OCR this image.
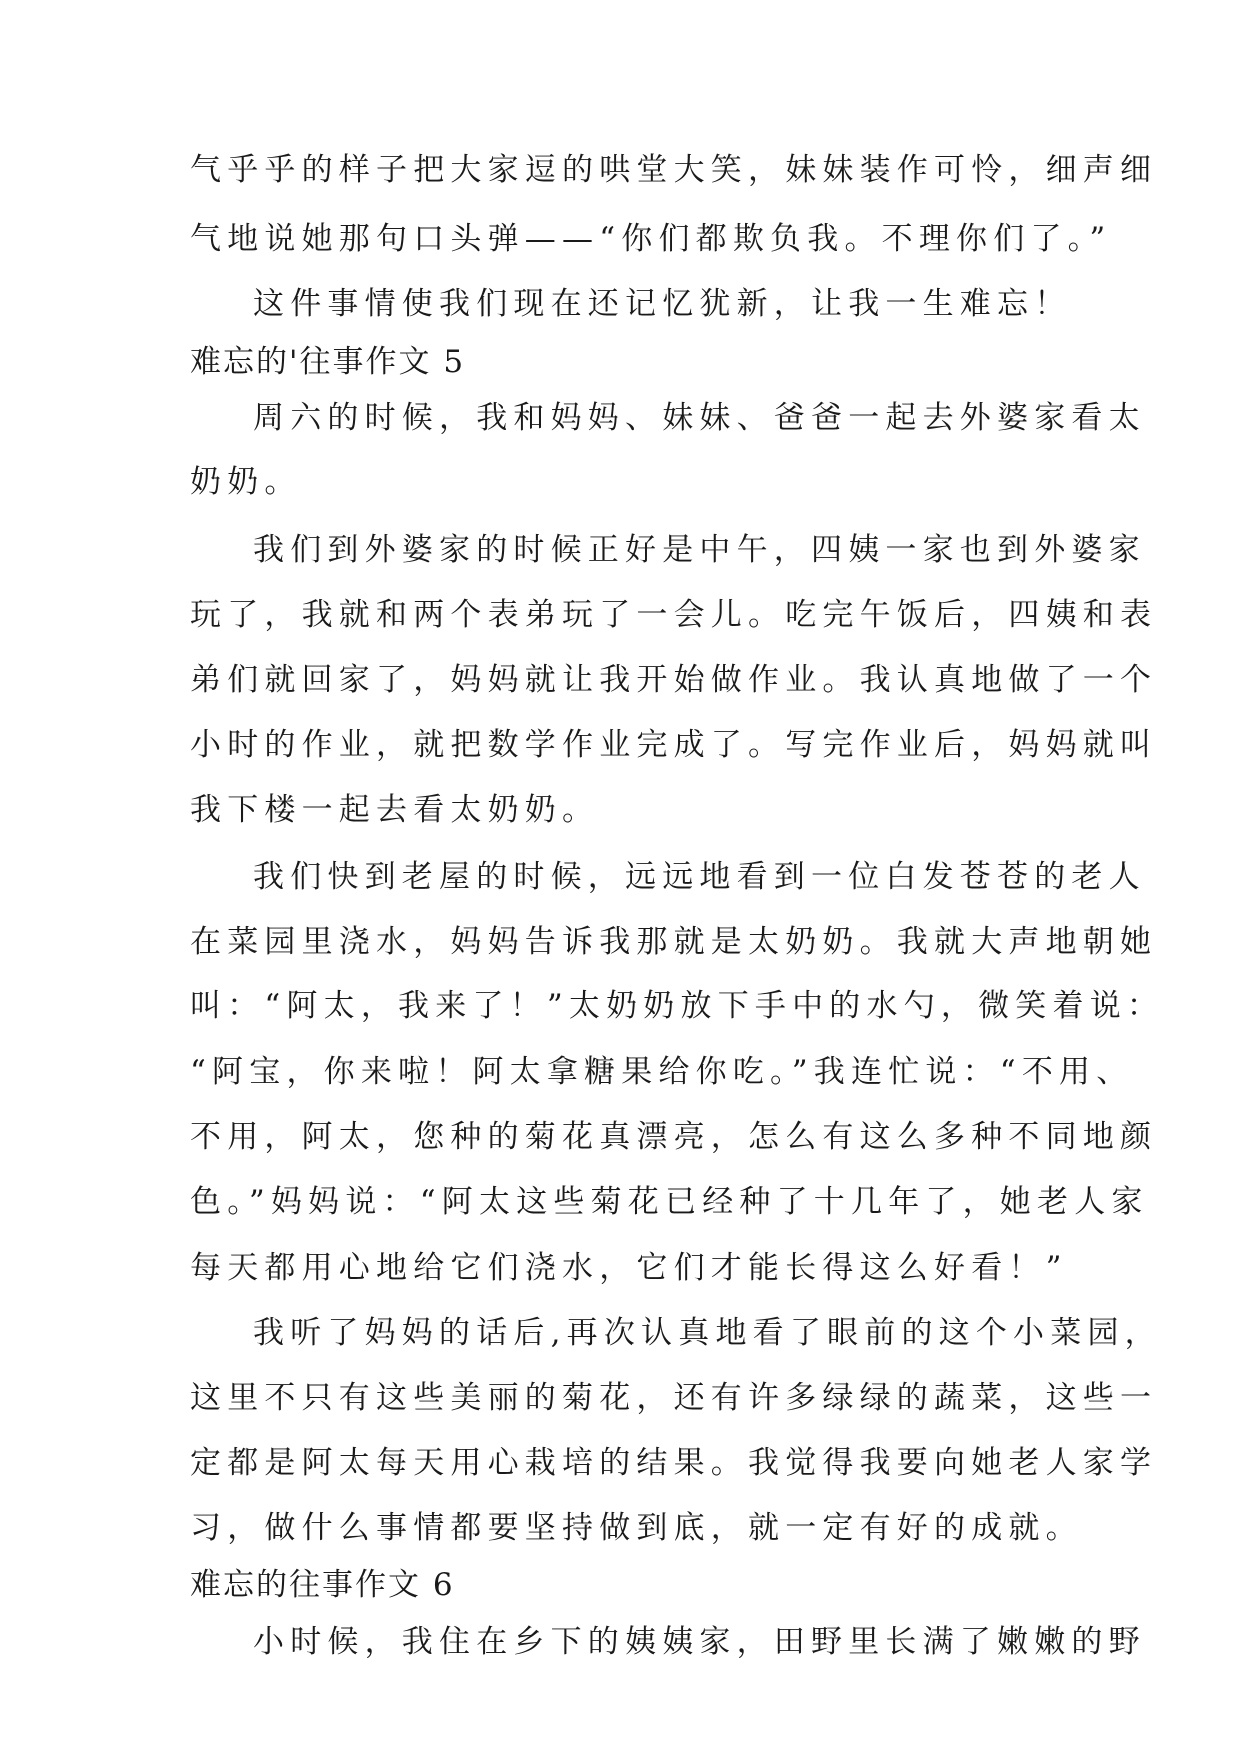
气乎乎的样子把大家逗的哄堂大笑，妹妹装作可怜，细声细
气地说她那句口头弹——“你们都欺负我。不理你们了。”
这件事情使我们现在还记忆犹新，让我一生难忘！
难忘的'往事作文 5
周六的时候，我和妈妈、妹妹、爸爸一起去外婆家看太
奶奶。
我们到外婆家的时候正好是中午，四姨一家也到外婆家
玩了，我就和两个表弟玩了一会儿。吃完午饭后，四姨和表
弟们就回家了，妈妈就让我开始做作业。我认真地做了一个
小时的作业，就把数学作业完成了。写完作业后，妈妈就叫
我下楼一起去看太奶奶。
我们快到老屋的时候，远远地看到一位白发苍苍的老人
在菜园里浇水，妈妈告诉我那就是太奶奶。我就大声地朝她
叫：“阿太，我来了！”太奶奶放下手中的水勺，微笑着说：
“阿宝，你来啦！阿太拿糖果给你吃。”我连忙说：“不用、
不用，阿太，您种的菊花真漂亮，怎么有这么多种不同地颜
色。”妈妈说：“阿太这些菊花已经种了十几年了，她老人家
每天都用心地给它们浇水，它们才能长得这么好看！”
我听了妈妈的话后,再次认真地看了眼前的这个小菜园，
这里不只有这些美丽的菊花，还有许多绿绿的蔬菜，这些一
定都是阿太每天用心栽培的结果。我觉得我要向她老人家学
习，做什么事情都要坚持做到底，就一定有好的成就。
难忘的往事作文 6
小时候，我住在乡下的姨姨家，田野里长满了嫩嫩的野
